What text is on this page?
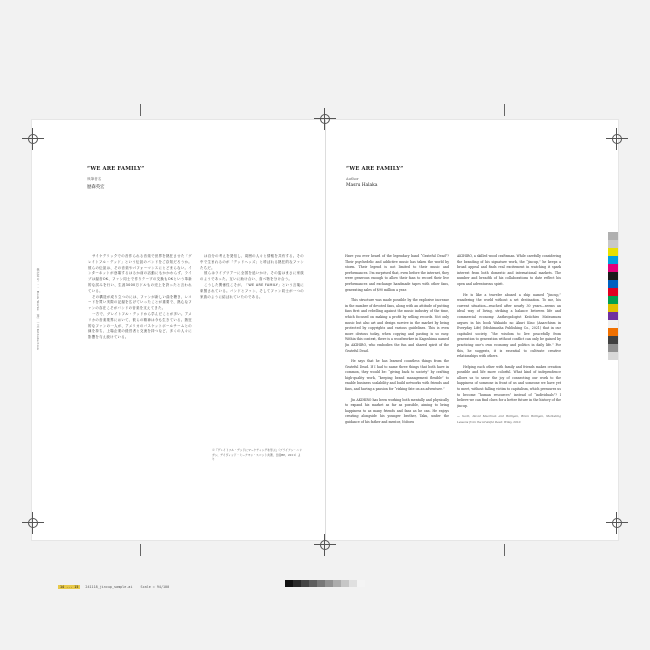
我が家の・・・ Book Works
（序）一章 Introduction
“WE ARE FAMILY”
執筆者名
歴森英宏

サイケデリックでの音作られる音楽で世界を熱狂させた「グレイトフル・デッド」という伝説のバンドをご存知だろうか。彼らの伝説は、その音楽やパフォーマンスにとどまらない。インターネットが登場するはるか前の活動にもかかわらず、ライブは録音OK、ファン同士で作りテープの交換もOKという革新的な試みを行い、生涯3000万ドルもの売上を誇ったと言われている。

その構造が成り立つのには、ファンが新しい曲を聴き、レコードを買い実際の記録を広げていったことが重要で、熱心なファンの存在こそがバンドの音楽を支えてきた。

一方で、グレイトフル・デッドから学んだことが多い。アメリカの音楽業界において、彼らの精神は今も生きている。熱狂的なファンの一人が、アメリカのバスケットボールチームとの縁を持ち、上場企業の経営者と交流を持つなど、多くの人々に影響を与え続けている。

は自分の考えを発信し、周囲の人々と情報を共有する。その中で生まれるのが「デッドヘッズ」と呼ばれる熱狂的なファンたちだ。

彼らはライブツアーに全国を追いかけ、その姿はまさに家族のようであった。互いに助け合い、食べ物を分け合う。

こうした関係性こそが、「WE ARE FAMILY」という言葉に象徴されている。バンドとファン、そしてファン同士が一つの家族のように結ばれていたのである。

※『グレイトフル・デッドにマーケティングを学ぶ』（ブライアン・ハリガン、デイヴィッド・ミーアマン・スコット共著、日経BP、2011）より
“WE ARE FAMILY”
Author
Masru Halaka

Have you ever heard of the legendary band “Grateful Dead”? Their psychedelic and addictive music has taken the world by storm. Their legend is not limited to their music and performances. I'm surprised that, even before the internet, they were generous enough to allow their fans to record their live performances and exchange handmade tapes with other fans, generating sales of $90 million a year.

This structure was made possible by the explosive increase in the number of devoted fans, along with an attitude of putting fans first and rebelling against the music industry of the time, which focused on making a profit by selling records. Not only music but also art and design survive in the market by being protected by copyrights and various guidelines. This is even more obvious today, when copying and pasting is so easy. Within this context, there is a woodworker in Kagoshima named Jin AKIHIRO, who embodies the fun and shared spirit of the Grateful Dead.

He says that he has learned countless things from the Grateful Dead. If I had to name three things that both have in common, they would be: “giving back to society” by crafting high-quality work, “keeping brand management flexible” to enable business scalability and build networks with friends and fans, and having a passion for “risking fate on an adventure.”

Jin AKIHIRO has been working both mentally and physically to expand his market as far as possible, aiming to bring happiness to as many friends and fans as he can. He enjoys creating alongside his younger brother, Taku, under the guidance of his father and mentor, Noboru

AKIHIRO, a skilled wood craftsman. While carefully considering the branding of his signature work, the “jincup,” he keeps a broad appeal and finds real excitement in watching it spark interest from both domestic and international markets. The number and breadth of his collaborations to date reflect his open and adventurous spirit.

He is like a traveler aboard a ship named “jincup,” wandering the world without a set destination. To me, his current situation—reached after nearly 30 years—seems an ideal way of living, striking a balance between life and commercial economy. Anthropologist Keiichiro Matsumura argues in his book Wakaido no Akuri Kino (Anarchism in Everyday Life) (Mishimasha Publishing Co., 2021) that in our capitalist society, “the wisdom to live peacefully from generation to generation without conflict can only be gained by practicing one's own economy and politics in daily life.” For this, he suggests, it is essential to cultivate creative relationships with others.

Helping each other with family and friends makes creation possible and life more colorful. What kind of independence allows us to savor the joy of connecting our work to the happiness of someone in front of us and someone we have yet to meet, without falling victim to capitalism, which pressures us to become “human resources” instead of “individuals”? I believe we can find clues for a better future in the history of the jincup.

— Scott, David Meerman and Halligan, Brian Halligan, Marketing Lessons from the Grateful Dead. Wiley, 2010.
14 ... 15 241118_jincup_sample.ai Scale = 94/100
